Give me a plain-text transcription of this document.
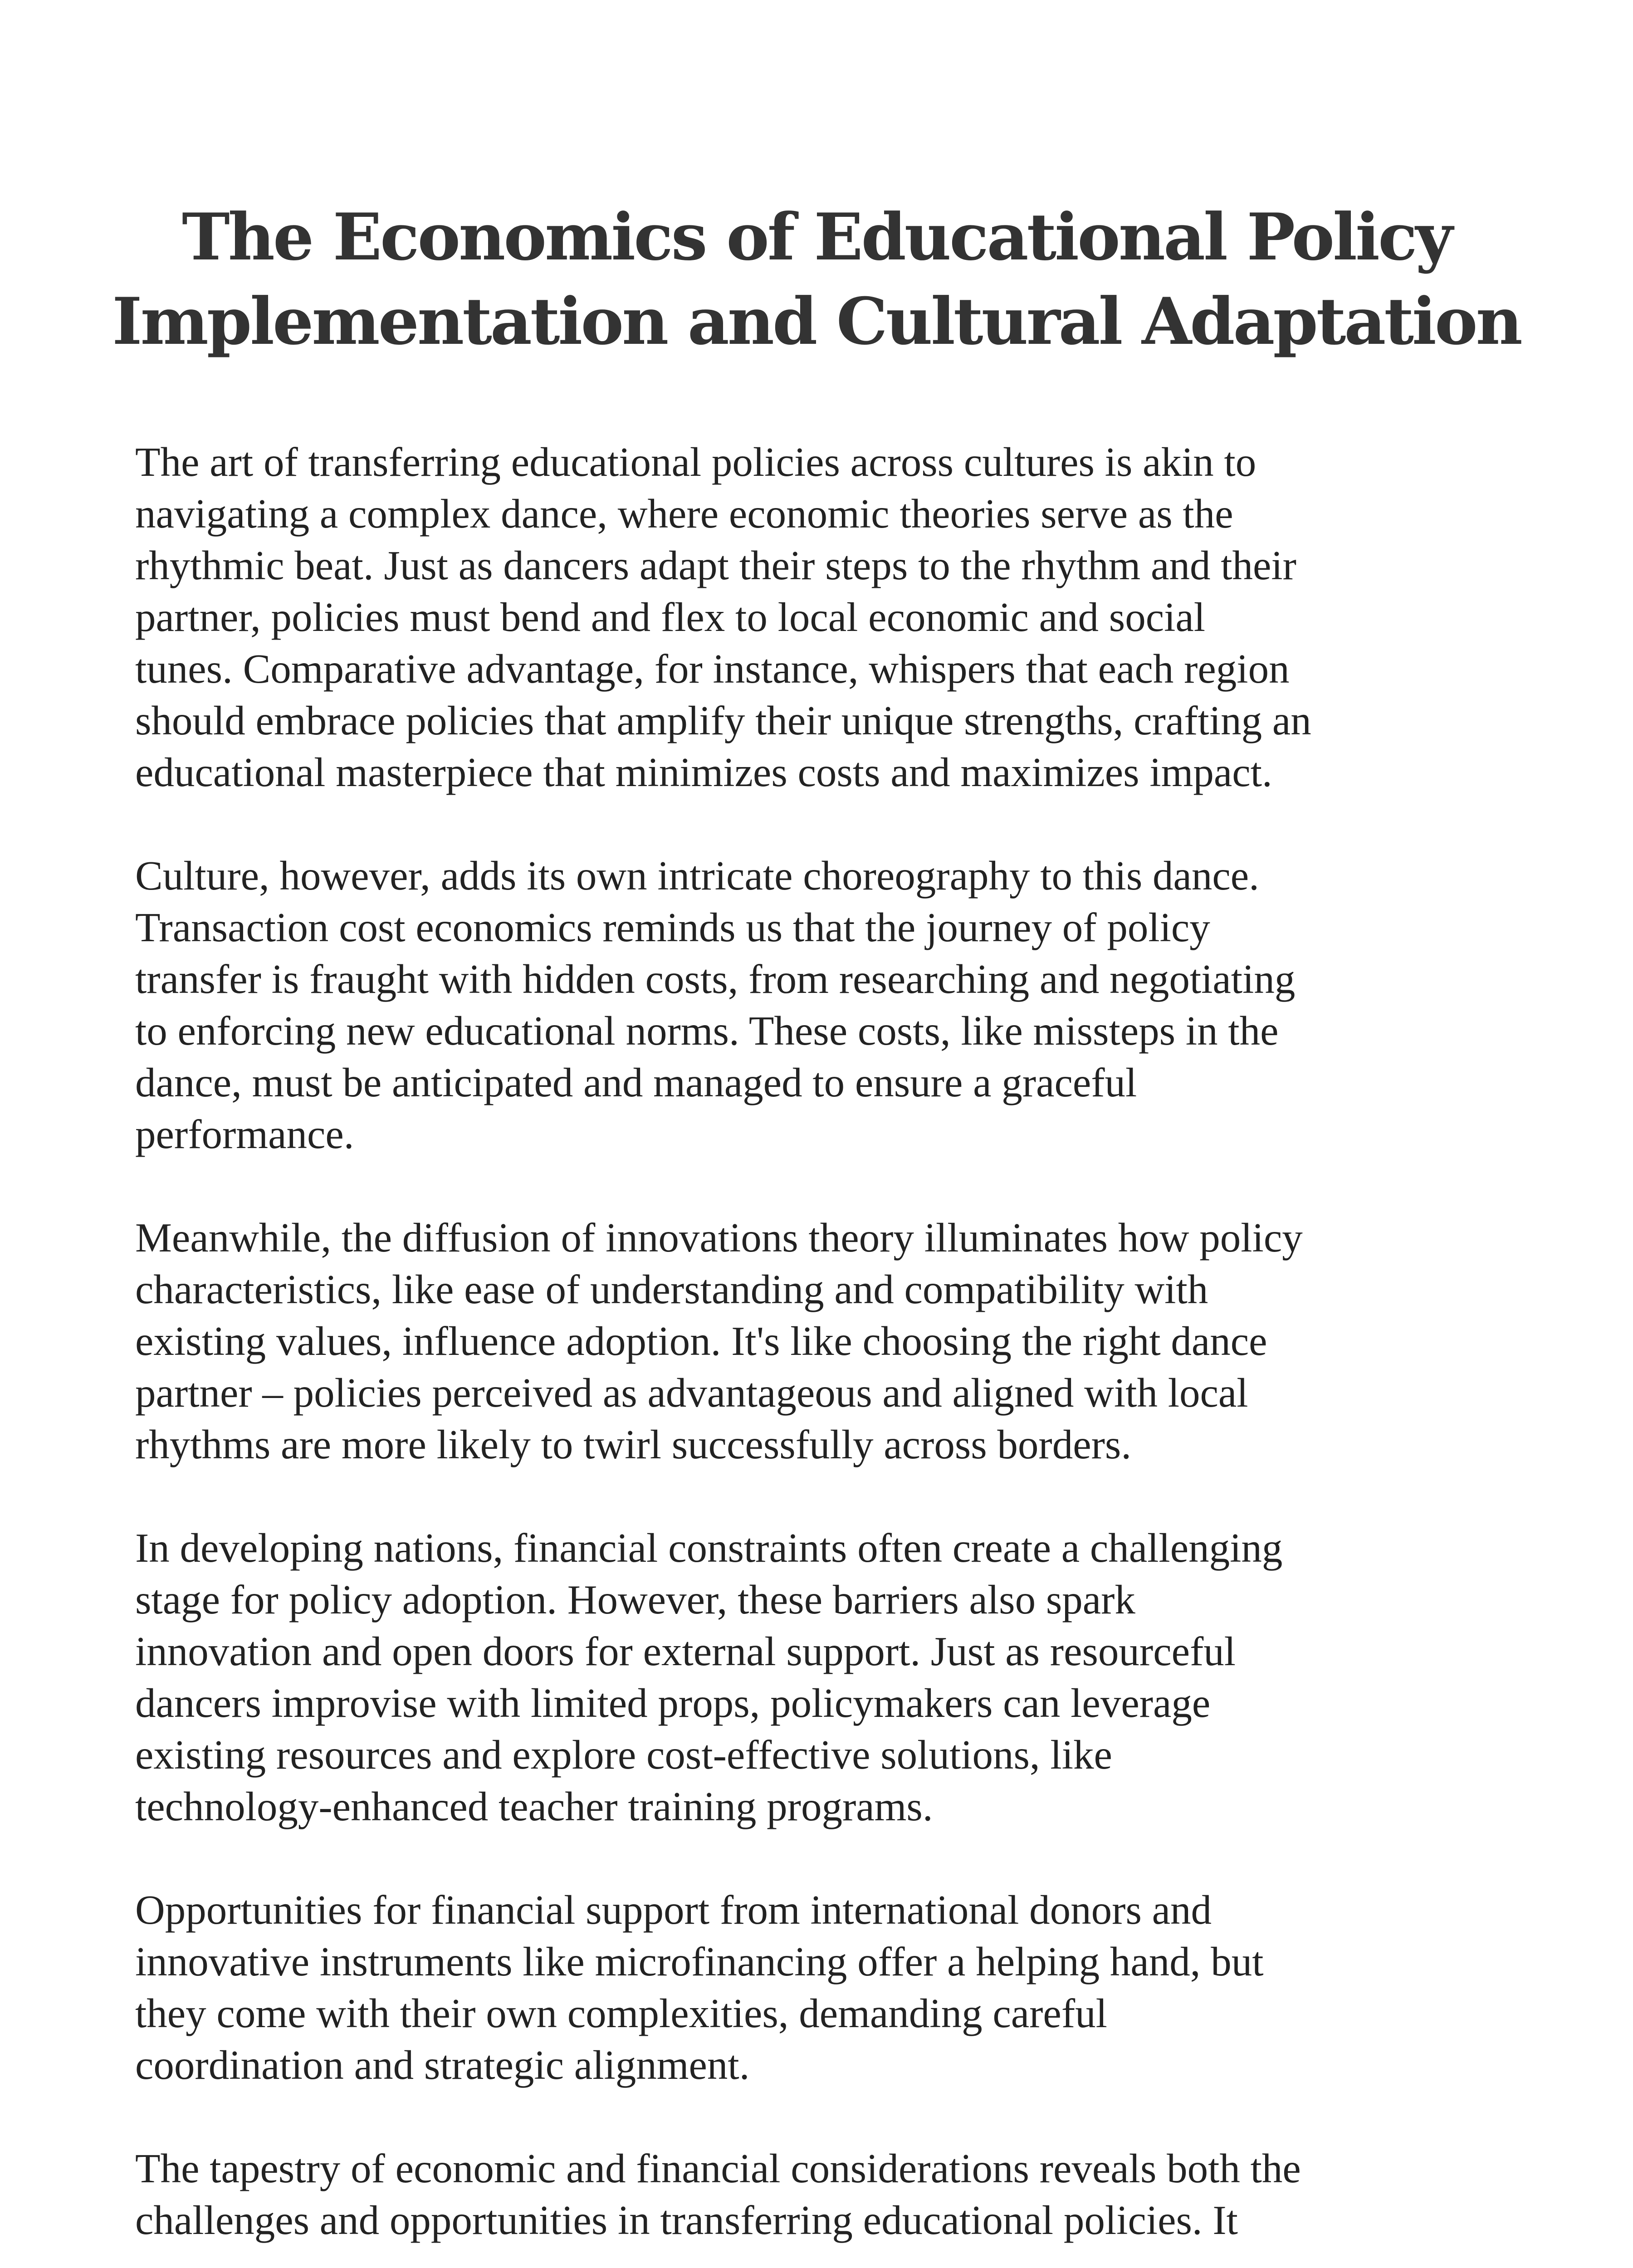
The Economics of Educational Policy
Implementation and Cultural Adaptation

The art of transferring educational policies across cultures is akin to
navigating a complex dance, where economic theories serve as the
rhythmic beat. Just as dancers adapt their steps to the rhythm and their
partner, policies must bend and flex to local economic and social
tunes. Comparative advantage, for instance, whispers that each region
should embrace policies that amplify their unique strengths, crafting an
educational masterpiece that minimizes costs and maximizes impact.

Culture, however, adds its own intricate choreography to this dance.
Transaction cost economics reminds us that the journey of policy
transfer is fraught with hidden costs, from researching and negotiating
to enforcing new educational norms. These costs, like missteps in the
dance, must be anticipated and managed to ensure a graceful
performance.

Meanwhile, the diffusion of innovations theory illuminates how policy
characteristics, like ease of understanding and compatibility with
existing values, influence adoption. It's like choosing the right dance
partner – policies perceived as advantageous and aligned with local
rhythms are more likely to twirl successfully across borders.

In developing nations, financial constraints often create a challenging
stage for policy adoption. However, these barriers also spark
innovation and open doors for external support. Just as resourceful
dancers improvise with limited props, policymakers can leverage
existing resources and explore cost-effective solutions, like
technology-enhanced teacher training programs.

Opportunities for financial support from international donors and
innovative instruments like microfinancing offer a helping hand, but
they come with their own complexities, demanding careful
coordination and strategic alignment.

The tapestry of economic and financial considerations reveals both the
challenges and opportunities in transferring educational policies. It
